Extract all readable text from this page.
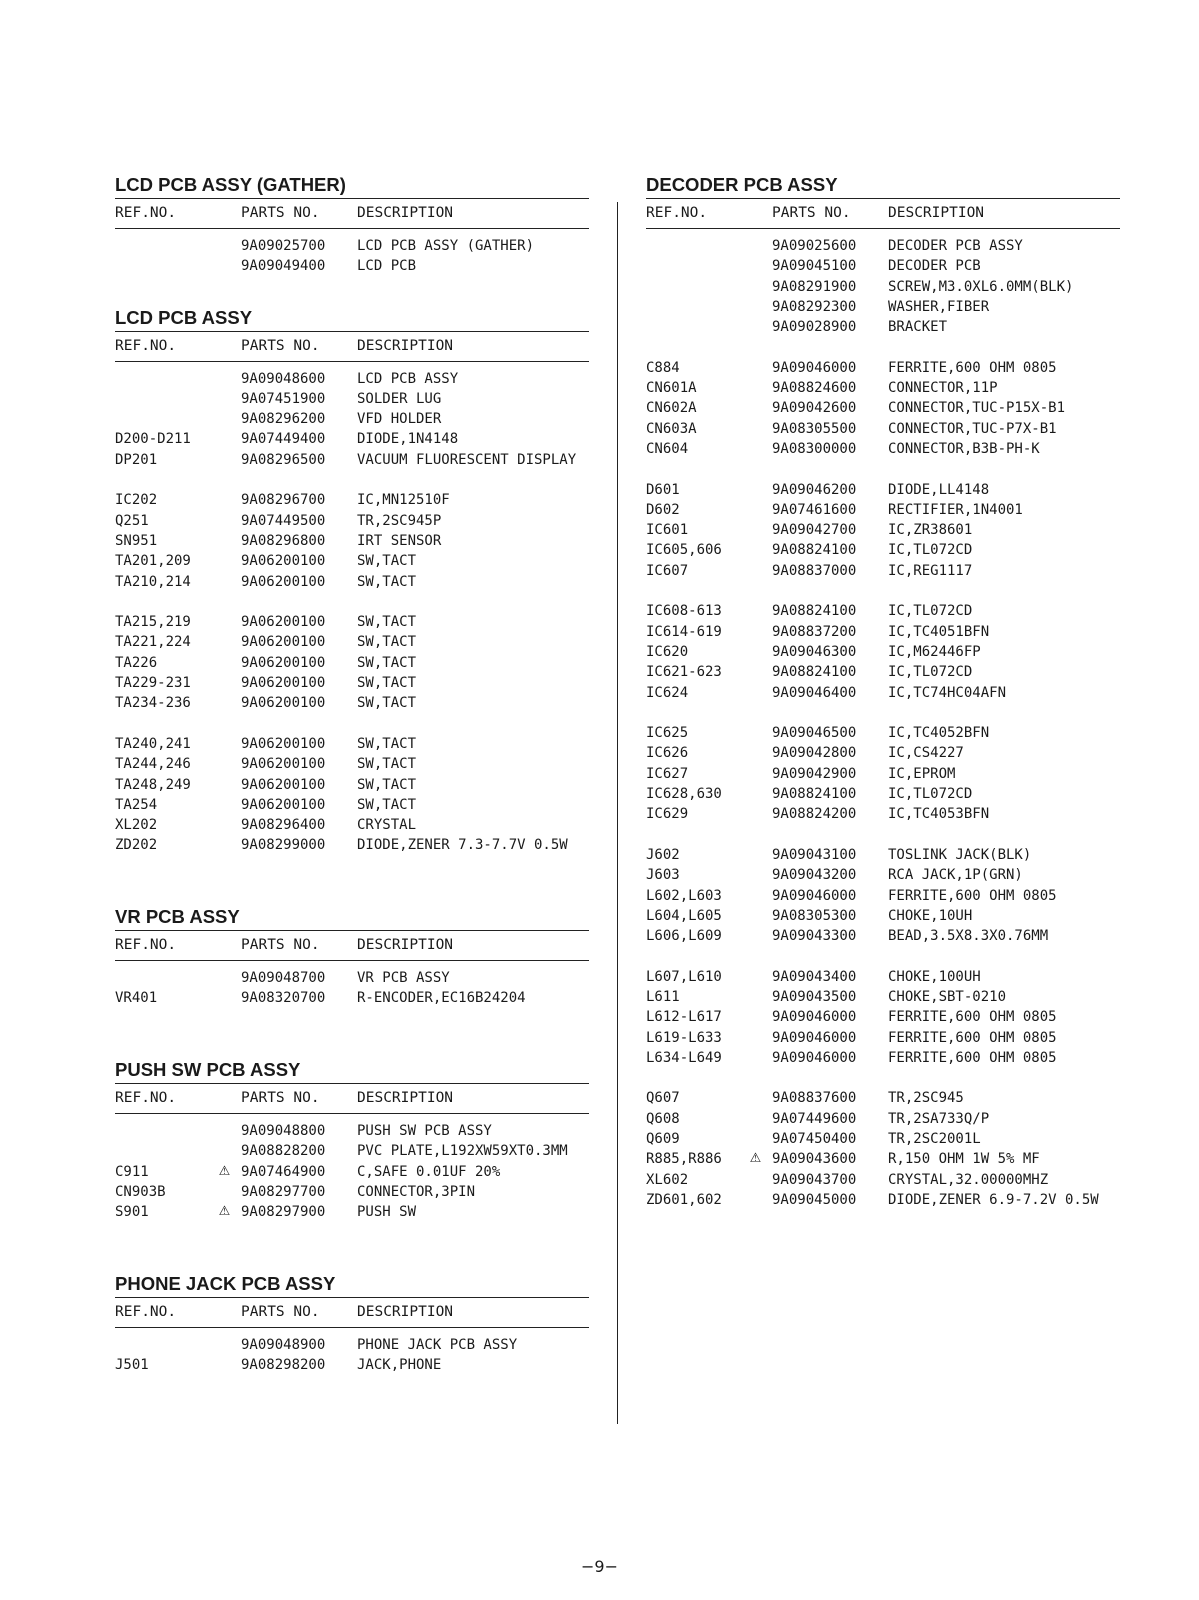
LCD PCB ASSY (GATHER)
REF.NO.	PARTS NO.	DESCRIPTION
9A09025700	LCD PCB ASSY (GATHER)
9A09049400	LCD PCB
LCD PCB ASSY
REF.NO.	PARTS NO.	DESCRIPTION
9A09048600	LCD PCB ASSY
9A07451900	SOLDER LUG
9A08296200	VFD HOLDER
D200-D211	9A07449400	DIODE,1N4148
DP201	9A08296500	VACUUM FLUORESCENT DISPLAY
IC202	9A08296700	IC,MN12510F
Q251	9A07449500	TR,2SC945P
SN951	9A08296800	IRT SENSOR
TA201,209	9A06200100	SW,TACT
TA210,214	9A06200100	SW,TACT
TA215,219	9A06200100	SW,TACT
TA221,224	9A06200100	SW,TACT
TA226	9A06200100	SW,TACT
TA229-231	9A06200100	SW,TACT
TA234-236	9A06200100	SW,TACT
TA240,241	9A06200100	SW,TACT
TA244,246	9A06200100	SW,TACT
TA248,249	9A06200100	SW,TACT
TA254	9A06200100	SW,TACT
XL202	9A08296400	CRYSTAL
ZD202	9A08299000	DIODE,ZENER 7.3-7.7V 0.5W
VR PCB ASSY
REF.NO.	PARTS NO.	DESCRIPTION
9A09048700	VR PCB ASSY
VR401	9A08320700	R-ENCODER,EC16B24204
PUSH SW PCB ASSY
REF.NO.	PARTS NO.	DESCRIPTION
9A09048800	PUSH SW PCB ASSY
9A08828200	PVC PLATE,L192XW59XT0.3MM
C911	⚠ 9A07464900	C,SAFE 0.01UF 20%
CN903B	9A08297700	CONNECTOR,3PIN
S901	⚠ 9A08297900	PUSH SW
PHONE JACK PCB ASSY
REF.NO.	PARTS NO.	DESCRIPTION
9A09048900	PHONE JACK PCB ASSY
J501	9A08298200	JACK,PHONE
DECODER PCB ASSY
REF.NO.	PARTS NO.	DESCRIPTION
9A09025600	DECODER PCB ASSY
9A09045100	DECODER PCB
9A08291900	SCREW,M3.0XL6.0MM(BLK)
9A08292300	WASHER,FIBER
9A09028900	BRACKET
C884	9A09046000	FERRITE,600 OHM 0805
CN601A	9A08824600	CONNECTOR,11P
CN602A	9A09042600	CONNECTOR,TUC-P15X-B1
CN603A	9A08305500	CONNECTOR,TUC-P7X-B1
CN604	9A08300000	CONNECTOR,B3B-PH-K
D601	9A09046200	DIODE,LL4148
D602	9A07461600	RECTIFIER,1N4001
IC601	9A09042700	IC,ZR38601
IC605,606	9A08824100	IC,TL072CD
IC607	9A08837000	IC,REG1117
IC608-613	9A08824100	IC,TL072CD
IC614-619	9A08837200	IC,TC4051BFN
IC620	9A09046300	IC,M62446FP
IC621-623	9A08824100	IC,TL072CD
IC624	9A09046400	IC,TC74HC04AFN
IC625	9A09046500	IC,TC4052BFN
IC626	9A09042800	IC,CS4227
IC627	9A09042900	IC,EPROM
IC628,630	9A08824100	IC,TL072CD
IC629	9A08824200	IC,TC4053BFN
J602	9A09043100	TOSLINK JACK(BLK)
J603	9A09043200	RCA JACK,1P(GRN)
L602,L603	9A09046000	FERRITE,600 OHM 0805
L604,L605	9A08305300	CHOKE,10UH
L606,L609	9A09043300	BEAD,3.5X8.3X0.76MM
L607,L610	9A09043400	CHOKE,100UH
L611	9A09043500	CHOKE,SBT-0210
L612-L617	9A09046000	FERRITE,600 OHM 0805
L619-L633	9A09046000	FERRITE,600 OHM 0805
L634-L649	9A09046000	FERRITE,600 OHM 0805
Q607	9A08837600	TR,2SC945
Q608	9A07449600	TR,2SA733Q/P
Q609	9A07450400	TR,2SC2001L
R885,R886	⚠ 9A09043600	R,150 OHM 1W 5% MF
XL602	9A09043700	CRYSTAL,32.00000MHZ
ZD601,602	9A09045000	DIODE,ZENER 6.9-7.2V 0.5W
−9−
